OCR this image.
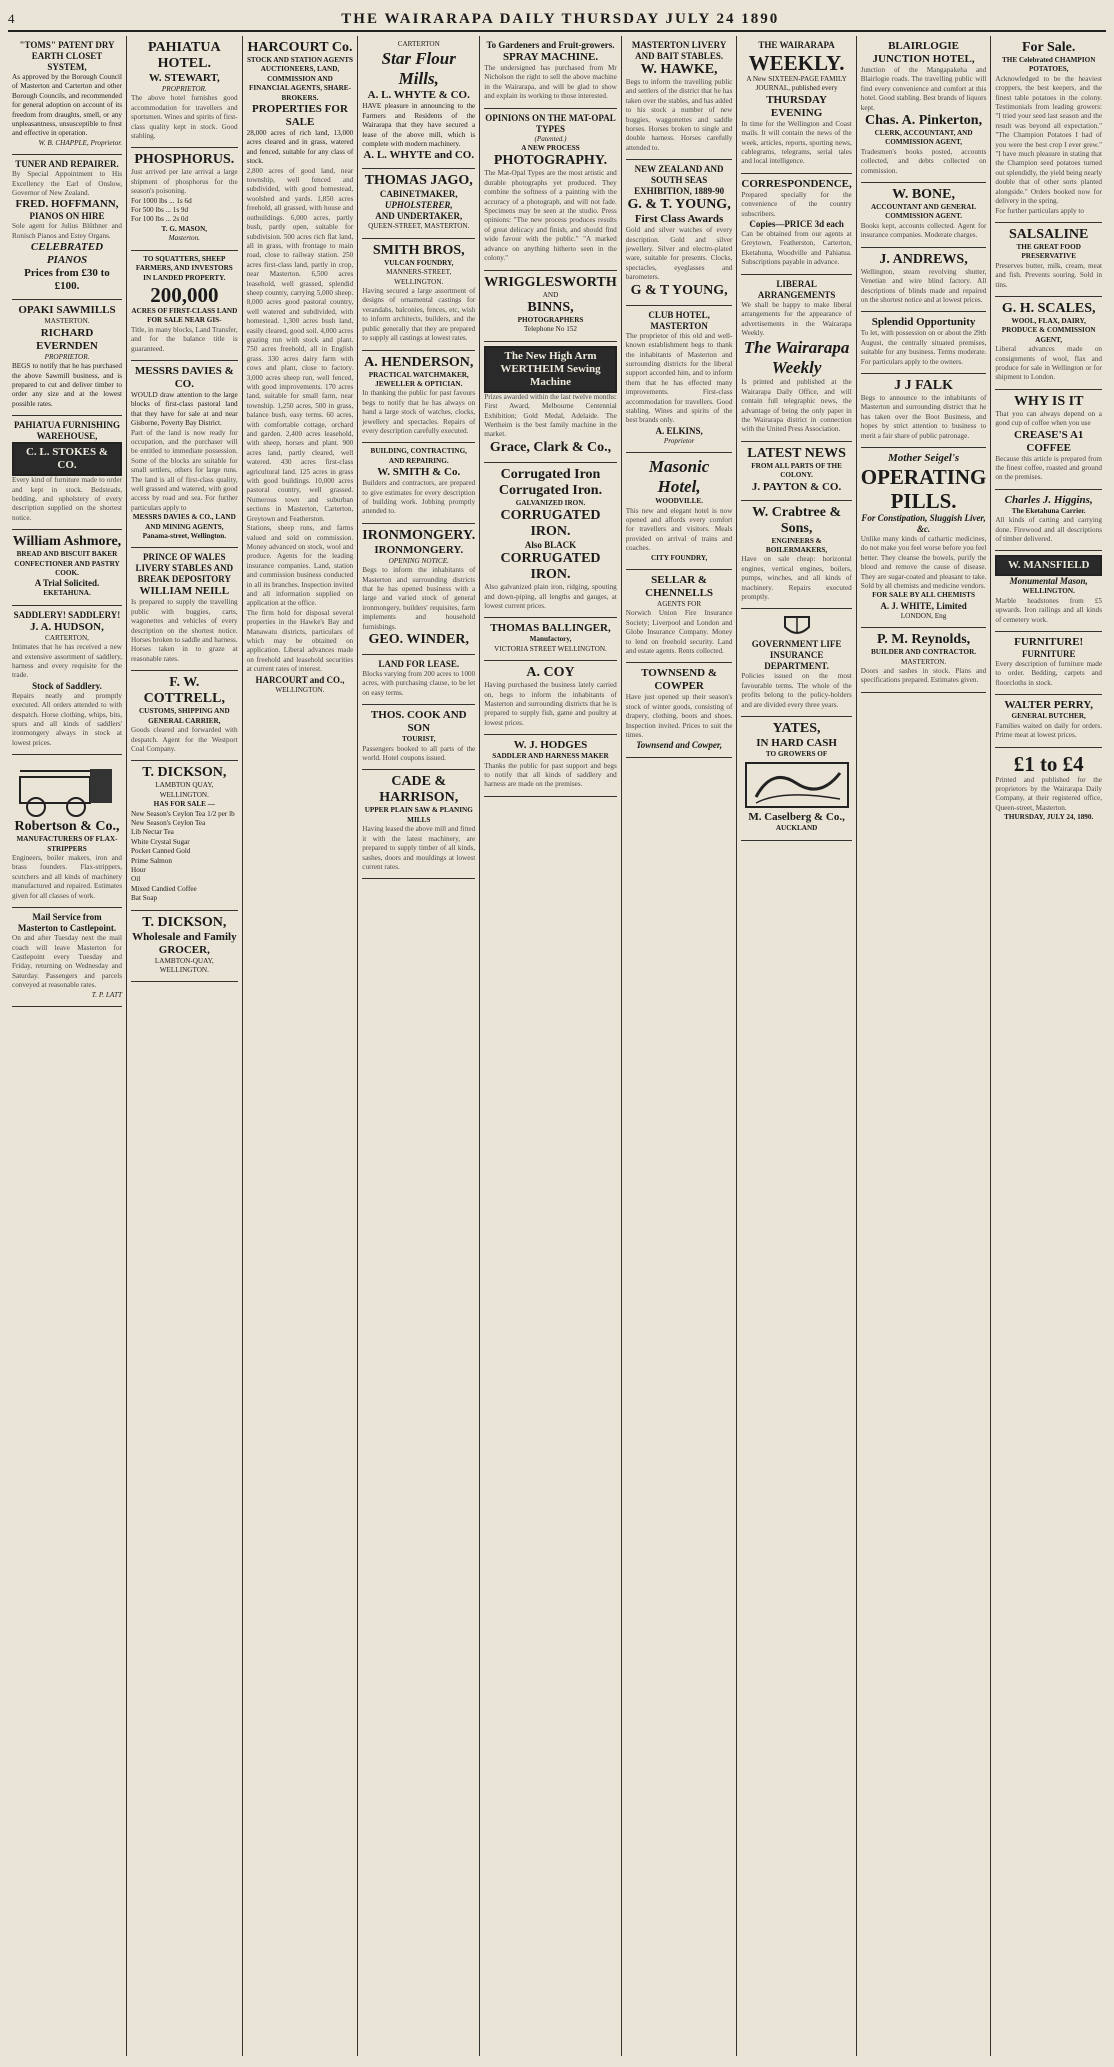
4	THE WAIRARAPA DAILY THURSDAY JULY 24 1890
"TOMS" PATENT DRY EARTH CLOSET SYSTEM,
As approved by the Borough Council of Masterton and Carterton and other Borough Councils, and recommended for general adoption on account of its freedom from draughts, smell, or any unpleasantness, unsusceptible to frost and effective in operation.
W. B. CHAPPLE, Proprietor.
TUNER AND REPAIRER.
By Special Appointment to His Excellency the Earl of Onslow, Governor of New Zealand.
FRED. HOFFMANN,
PIANOS ON HIRE
Sole agent for Julius Blüthner and Ronisch Pianos and Estey Organs.
CELEBRATED PIANOS
Prices from £30 to £100.
OPAKI SAWMILLS
MASTERTON.
RICHARD EVERNDEN
PROPRIETOR.
BEGS to notify that he has purchased the above Sawmill business, and is prepared to cut and deliver timber to order any size and at the lowest possible rates.
PAHIATUA FURNISHING WAREHOUSE,
C. L. STOKES & CO.
Every kind of furniture made to order and kept in stock. Bedsteads, bedding, and upholstery of every description supplied on the shortest notice.
William Ashmore,
BREAD AND BISCUIT BAKER CONFECTIONER AND PASTRY COOK.
A Trial Solicited.
EKETAHUNA.
SADDLERY! SADDLERY!
J. A. HUDSON,
CARTERTON,
Intimates that he has received a new and extensive assortment of saddlery, harness and every requisite for the trade.
Stock of Saddlery.
Repairs neatly and promptly executed. All orders attended to with despatch. Horse clothing, whips, bits, spurs and all kinds of saddlers' ironmongery always in stock at lowest prices.
Robertson & Co.,
MANUFACTURERS OF FLAX-STRIPPERS
Engineers, boiler makers, iron and brass founders. Flax-strippers, scutchers and all kinds of machinery manufactured and repaired. Estimates given for all classes of work.
Mail Service from Masterton to Castlepoint.
On and after Tuesday next the mail coach will leave Masterton for Castlepoint every Tuesday and Friday, returning on Wednesday and Saturday. Passengers and parcels conveyed at reasonable rates.
T. P. LATT
PAHIATUA HOTEL.
W. STEWART,
PROPRIETOR.
The above hotel furnishes good accommodation for travellers and sportsmen. Wines and spirits of first-class quality kept in stock. Good stabling.
PHOSPHORUS.
Just arrived per late arrival a large shipment of phosphorus for the season's poisoning.
For 1000 lbs ... 1s 6d
For 500 lbs ... 1s 9d
For 100 lbs ... 2s 0d
T. G. MASON,
Masterton.
TO SQUATTERS, SHEEP FARMERS, AND INVESTORS IN LANDED PROPERTY.
200,000
ACRES OF FIRST-CLASS LAND FOR SALE NEAR GIS-
Title, in many blocks, Land Transfer, and for the balance title is guaranteed.
MESSRS DAVIES & CO.
WOULD draw attention to the large blocks of first-class pastoral land that they have for sale at and near Gisborne, Poverty Bay District.
Part of the land is now ready for occupation, and the purchaser will be entitled to immediate possession. Some of the blocks are suitable for small settlers, others for large runs. The land is all of first-class quality, well grassed and watered, with good access by road and sea. For further particulars apply to
MESSRS DAVIES & CO., LAND AND MINING AGENTS, Panama-street, Wellington.
PRINCE OF WALES LIVERY STABLES AND BREAK DEPOSITORY
WILLIAM NEILL
Is prepared to supply the travelling public with buggies, carts, wagonettes and vehicles of every description on the shortest notice. Horses broken to saddle and harness. Horses taken in to graze at reasonable rates.
F. W. COTTRELL,
CUSTOMS, SHIPPING AND GENERAL CARRIER,
Goods cleared and forwarded with despatch. Agent for the Westport Coal Company.
T. DICKSON,
LAMBTON QUAY, WELLINGTON.
HAS FOR SALE —
New Season's Ceylon Tea 1/2 per lb
New Season's Ceylon Tea
Lib Nectar Tea
White Crystal Sugar
Pocket Canned Gold
Prime Salmon
Hour
Oil
Mixed Candied Coffee
Bat Soap
T. DICKSON,
Wholesale and Family GROCER,
LAMBTON-QUAY, WELLINGTON.
HARCOURT Co.
STOCK AND STATION AGENTS AUCTIONEERS, LAND, COMMISSION AND FINANCIAL AGENTS, SHARE-BROKERS.
PROPERTIES FOR SALE
28,000 acres of rich land, 13,000 acres cleared and in grass, watered and fenced, suitable for any class of stock.
2,800 acres of good land, near township, well fenced and subdivided, with good homestead, woolshed and yards. 1,850 acres freehold, all grassed, with house and outbuildings. 6,000 acres, partly bush, partly open, suitable for subdivision. 500 acres rich flat land, all in grass, with frontage to main road, close to railway station. 250 acres first-class land, partly in crop, near Masterton. 6,500 acres leasehold, well grassed, splendid sheep country, carrying 5,000 sheep. 8,000 acres good pastoral country, well watered and subdivided, with homestead. 1,300 acres bush land, easily cleared, good soil. 4,000 acres grazing run with stock and plant. 750 acres freehold, all in English grass. 330 acres dairy farm with cows and plant, close to factory. 3,000 acres sheep run, well fenced, with good improvements. 170 acres land, suitable for small farm, near township. 1,250 acres, 500 in grass, balance bush, easy terms. 60 acres, with comfortable cottage, orchard and garden. 2,400 acres leasehold, with sheep, horses and plant. 900 acres land, partly cleared, well watered. 430 acres first-class agricultural land. 125 acres in grass with good buildings. 10,000 acres pastoral country, well grassed. Numerous town and suburban sections in Masterton, Carterton, Greytown and Featherston.
Stations, sheep runs, and farms valued and sold on commission. Money advanced on stock, wool and produce. Agents for the leading insurance companies. Land, station and commission business conducted in all its branches. Inspection invited and all information supplied on application at the office.
The firm hold for disposal several properties in the Hawke's Bay and Manawatu districts, particulars of which may be obtained on application. Liberal advances made on freehold and leasehold securities at current rates of interest.
HARCOURT and CO.,
WELLINGTON.
CARTERTON
Star Flour Mills,
A. L. WHYTE & CO.
HAVE pleasure in announcing to the Farmers and Residents of the Wairarapa that they have secured a lease of the above mill, which is complete with modern machinery.
A. L. WHYTE and CO.
THOMAS JAGO,
CABINETMAKER,
UPHOLSTERER,
AND UNDERTAKER,
QUEEN-STREET, MASTERTON.
SMITH BROS,
VULCAN FOUNDRY,
MANNERS-STREET, WELLINGTON.
Having secured a large assortment of designs of ornamental castings for verandahs, balconies, fences, etc, wish to inform architects, builders, and the public generally that they are prepared to supply all castings at lowest rates.
A. HENDERSON,
PRACTICAL WATCHMAKER, JEWELLER & OPTICIAN.
In thanking the public for past favours begs to notify that he has always on hand a large stock of watches, clocks, jewellery and spectacles. Repairs of every description carefully executed.
BUILDING, CONTRACTING, AND REPAIRING.
W. SMITH & Co.
Builders and contractors, are prepared to give estimates for every description of building work. Jobbing promptly attended to.
IRONMONGERY.
IRONMONGERY.
OPENING NOTICE.
Begs to inform the inhabitants of Masterton and surrounding districts that he has opened business with a large and varied stock of general ironmongery, builders' requisites, farm implements and household furnishings.
GEO. WINDER,
LAND FOR LEASE.
Blocks varying from 200 acres to 1000 acres, with purchasing clause, to be let on easy terms.
THOS. COOK AND SON
TOURIST,
Passengers booked to all parts of the world. Hotel coupons issued.
CADE & HARRISON,
UPPER PLAIN SAW & PLANING MILLS
Having leased the above mill and fitted it with the latest machinery, are prepared to supply timber of all kinds, sashes, doors and mouldings at lowest current rates.
To Gardeners and Fruit-growers.
SPRAY MACHINE.
The undersigned has purchased from Mr Nicholson the right to sell the above machine in the Wairarapa, and will be glad to show and explain its working to those interested.
OPINIONS ON THE MAT-OPAL TYPES
(Patented.)
A NEW PROCESS
PHOTOGRAPHY.
The Mat-Opal Types are the most artistic and durable photographs yet produced. They combine the softness of a painting with the accuracy of a photograph, and will not fade. Specimens may be seen at the studio. Press opinions: "The new process produces results of great delicacy and finish, and should find wide favour with the public." "A marked advance on anything hitherto seen in the colony."
WRIGGLESWORTH
AND
BINNS,
PHOTOGRAPHERS
Telephone No 152
The New High Arm WERTHEIM Sewing Machine
Prizes awarded within the last twelve months: First Award, Melbourne Centennial Exhibition; Gold Medal, Adelaide. The Wertheim is the best family machine in the market.
Grace, Clark & Co.,
Corrugated Iron
Corrugated Iron.
GALVANIZED IRON.
CORRUGATED IRON.
Also BLACK
CORRUGATED IRON.
Also galvanized plain iron, ridging, spouting and down-piping, all lengths and gauges, at lowest current prices.
THOMAS BALLINGER,
Manufactory,
VICTORIA STREET WELLINGTON.
A. COY
Having purchased the business lately carried on, begs to inform the inhabitants of Masterton and surrounding districts that he is prepared to supply fish, game and poultry at lowest prices.
W. J. HODGES
SADDLER AND HARNESS MAKER
Thanks the public for past support and begs to notify that all kinds of saddlery and harness are made on the premises.
MASTERTON LIVERY AND BAIT STABLES.
W. HAWKE,
Begs to inform the travelling public and settlers of the district that he has taken over the stables, and has added to his stock a number of new buggies, waggonettes and saddle horses. Horses broken to single and double harness. Horses carefully attended to.
NEW ZEALAND AND SOUTH SEAS EXHIBITION, 1889-90
G. & T. YOUNG,
First Class Awards
Gold and silver watches of every description. Gold and silver jewellery. Silver and electro-plated ware, suitable for presents. Clocks, spectacles, eyeglasses and barometers.
G & T YOUNG,
CLUB HOTEL, MASTERTON
The proprietor of this old and well-known establishment begs to thank the inhabitants of Masterton and surrounding districts for the liberal support accorded him, and to inform them that he has effected many improvements. First-class accommodation for travellers. Good stabling. Wines and spirits of the best brands only.
A. ELKINS,
Proprietor
Masonic Hotel,
WOODVILLE.
This new and elegant hotel is now opened and affords every comfort for travellers and visitors. Meals provided on arrival of trains and coaches.
CITY FOUNDRY,
SELLAR & CHENNELLS
AGENTS FOR
Norwich Union Fire Insurance Society; Liverpool and London and Globe Insurance Company. Money to lend on freehold security. Land and estate agents. Rents collected.
TOWNSEND & COWPER
Have just opened up their season's stock of winter goods, consisting of drapery, clothing, boots and shoes. Inspection invited. Prices to suit the times.
Townsend and Cowper,
THE WAIRARAPA
WEEKLY.
A New SIXTEEN-PAGE FAMILY JOURNAL, published every
THURSDAY EVENING
In time for the Wellington and Coast mails. It will contain the news of the week, articles, reports, sporting news, cablegrams, telegrams, serial tales and local intelligence.
CORRESPONDENCE,
Prepared specially for the convenience of the country subscribers.
Copies—PRICE 3d each
Can be obtained from our agents at Greytown, Featherston, Carterton, Eketahuna, Woodville and Pahiatua. Subscriptions payable in advance.
LIBERAL ARRANGEMENTS
We shall be happy to make liberal arrangements for the appearance of advertisements in the Wairarapa Weekly.
The Wairarapa Weekly
Is printed and published at the Wairarapa Daily Office, and will contain full telegraphic news, the advantage of being the only paper in the Wairarapa district in connection with the United Press Association.
LATEST NEWS
FROM ALL PARTS OF THE COLONY.
J. PAYTON & CO.
W. Crabtree & Sons,
ENGINEERS & BOILERMAKERS,
Have on sale cheap: horizontal engines, vertical engines, boilers, pumps, winches, and all kinds of machinery. Repairs executed promptly.
GOVERNMENT LIFE INSURANCE DEPARTMENT.
Policies issued on the most favourable terms. The whole of the profits belong to the policy-holders and are divided every three years.
YATES,
IN HARD CASH
TO GROWERS OF
M. Caselberg & Co.,
AUCKLAND
BLAIRLOGIE JUNCTION HOTEL,
Junction of the Mangapakeha and Blairlogie roads. The travelling public will find every convenience and comfort at this hotel. Good stabling. Best brands of liquors kept.
Chas. A. Pinkerton,
CLERK, ACCOUNTANT, AND COMMISSION AGENT,
Tradesmen's books posted, accounts collected, and debts collected on commission.
W. BONE,
ACCOUNTANT AND GENERAL COMMISSION AGENT.
Books kept, accounts collected. Agent for insurance companies. Moderate charges.
J. ANDREWS,
Wellington, steam revolving shutter, Venetian and wire blind factory. All descriptions of blinds made and repaired on the shortest notice and at lowest prices.
Splendid Opportunity
To let, with possession on or about the 29th August, the centrally situated premises, suitable for any business. Terms moderate. For particulars apply to the owners.
J J FALK
Begs to announce to the inhabitants of Masterton and surrounding district that he has taken over the Boot Business, and hopes by strict attention to business to merit a fair share of public patronage.
Mother Seigel's
OPERATING PILLS.
For Constipation, Sluggish Liver, &c.
Unlike many kinds of cathartic medicines, do not make you feel worse before you feel better. They cleanse the bowels, purify the blood and remove the cause of disease. They are sugar-coated and pleasant to take. Sold by all chemists and medicine vendors.
FOR SALE BY ALL CHEMISTS
A. J. WHITE, Limited
LONDON, Eng
P. M. Reynolds,
BUILDER AND CONTRACTOR.
MASTERTON.
Doors and sashes in stock. Plans and specifications prepared. Estimates given.
For Sale.
THE Celebrated CHAMPION POTATOES,
Acknowledged to be the heaviest croppers, the best keepers, and the finest table potatoes in the colony. Testimonials from leading growers: "I tried your seed last season and the result was beyond all expectation." "The Champion Potatoes I had of you were the best crop I ever grew." "I have much pleasure in stating that the Champion seed potatoes turned out splendidly, the yield being nearly double that of other sorts planted alongside." Orders booked now for delivery in the spring.
For further particulars apply to
SALSALINE
THE GREAT FOOD PRESERVATIVE
Preserves butter, milk, cream, meat and fish. Prevents souring. Sold in tins.
G. H. SCALES,
WOOL, FLAX, DAIRY, PRODUCE & COMMISSION AGENT,
Liberal advances made on consignments of wool, flax and produce for sale in Wellington or for shipment to London.
WHY IS IT
That you can always depend on a good cup of coffee when you use
CREASE'S A1 COFFEE
Because this article is prepared from the finest coffee, roasted and ground on the premises.
Charles J. Higgins,
The Eketahuna Carrier.
All kinds of carting and carrying done. Firewood and all descriptions of timber delivered.
W. MANSFIELD
Monumental Mason,
WELLINGTON.
Marble headstones from £5 upwards. Iron railings and all kinds of cemetery work.
FURNITURE!
FURNITURE
Every description of furniture made to order. Bedding, carpets and floorcloths in stock.
WALTER PERRY,
GENERAL BUTCHER,
Families waited on daily for orders. Prime meat at lowest prices.
£1 to £4
Printed and published for the proprietors by the Wairarapa Daily Company, at their registered office, Queen-street, Masterton.
THURSDAY, JULY 24, 1890.
